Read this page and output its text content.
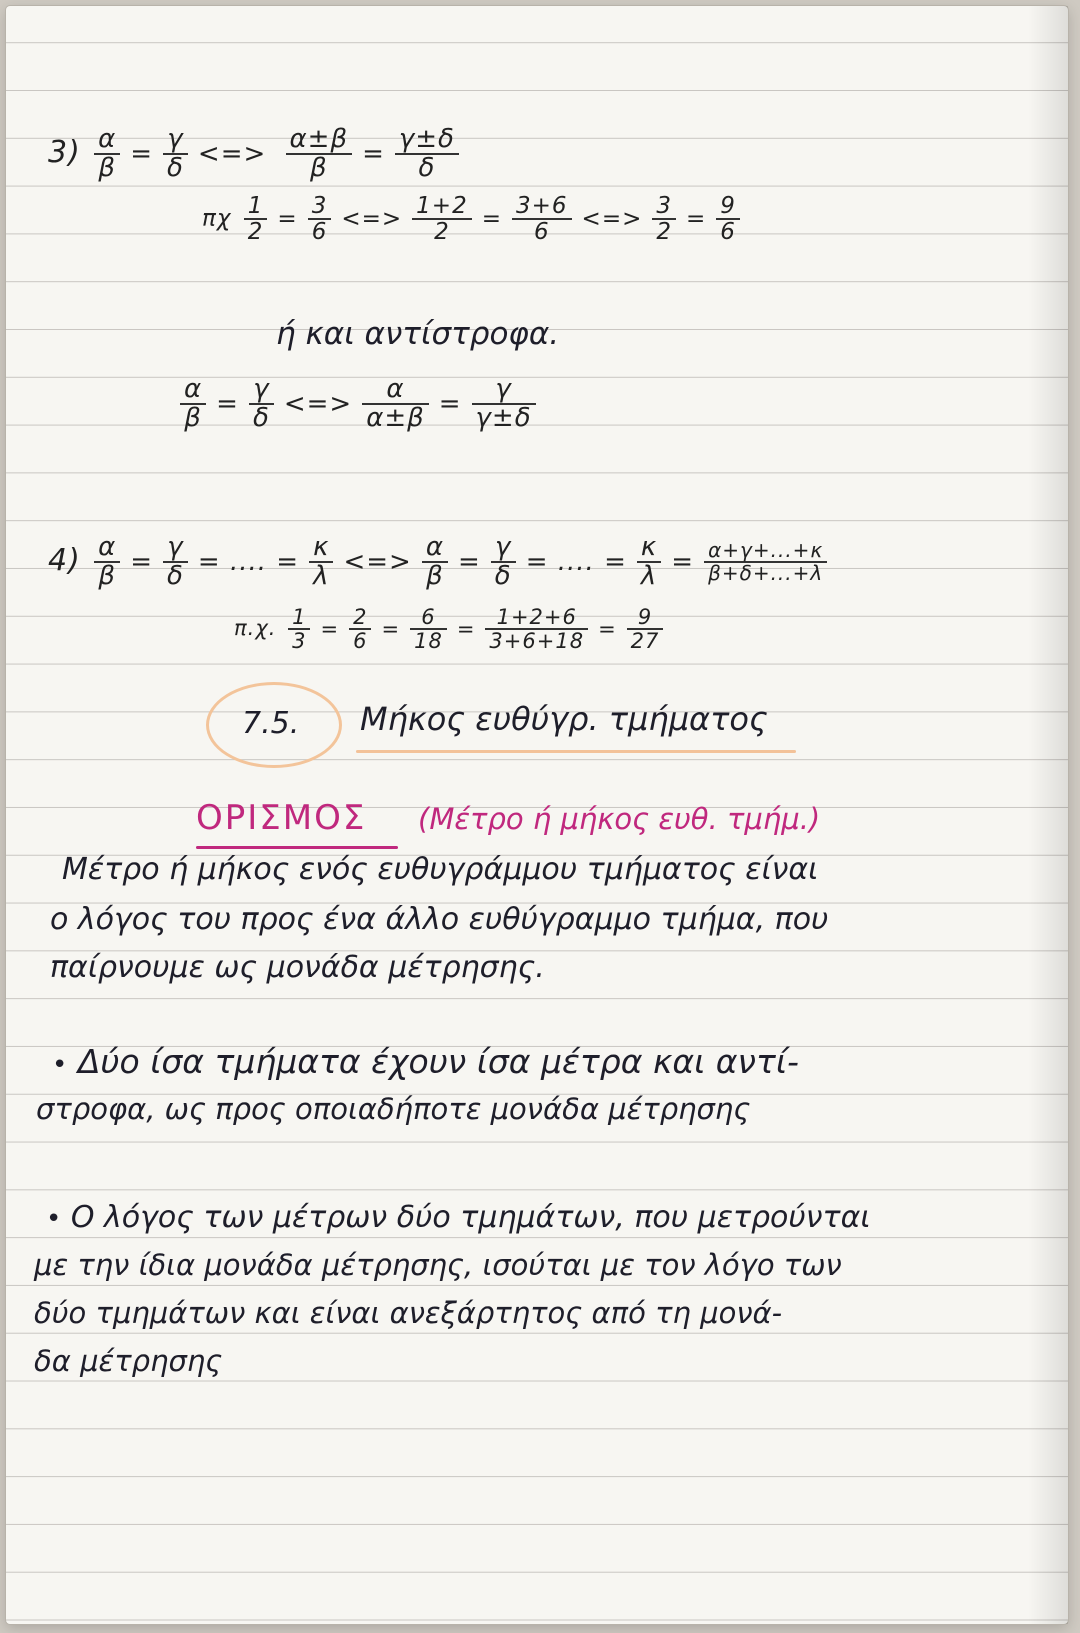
$3) \frac{\alpha}{\beta} = \frac{\gamma}{\delta}$ <=> $\frac{\alpha\pm\beta}{\beta} = \frac{\gamma\pm\delta}{\delta}$
πχ $\frac{1}{2} = \frac{3}{6}$ <=> $\frac{1+2}{2} = \frac{3+6}{6}$ <=> $\frac{3}{2} = \frac{9}{6}$
ή και αντίστροφα.
$\frac{\alpha}{\beta} = \frac{\gamma}{\delta}$ <=> $\frac{\alpha}{\alpha\pm\beta} = \frac{\gamma}{\gamma\pm\delta}$
$4) \frac{\alpha}{\beta} = \frac{\gamma}{\delta}$ = .... = $\frac{\kappa}{\lambda}$ <=> $\frac{\alpha}{\beta} = \frac{\gamma}{\delta}$ = .... = $\frac{\kappa}{\lambda} = \frac{\alpha+\gamma+...+\kappa}{\beta+\delta+...+\lambda}$
π.χ. $\frac{1}{3} = \frac{2}{6} = \frac{6}{18} = \frac{1+2+6}{3+6+18} = \frac{9}{27}$
7.5. Μήκος ευθύγρ. τμήματος
ΟΡΙΣΜΟΣ (Μέτρο ή μήκος ευθ. τμήμ.)
Μέτρο ή μήκος ενός ευθυγράμμου τμήματος είναι
ο λόγος του προς ένα άλλο ευθύγραμμο τμήμα, που
παίρνουμε ως μονάδα μέτρησης.
• Δύο ίσα τμήματα έχουν ίσα μέτρα και αντί-
στροφα, ως προς οποιαδήποτε μονάδα μέτρησης
• Ο λόγος των μέτρων δύο τμημάτων, που μετρούνται
με την ίδια μονάδα μέτρησης, ισούται με τον λόγο των
δύο τμημάτων και είναι ανεξάρτητος από τη μονά-
δα μέτρησης
